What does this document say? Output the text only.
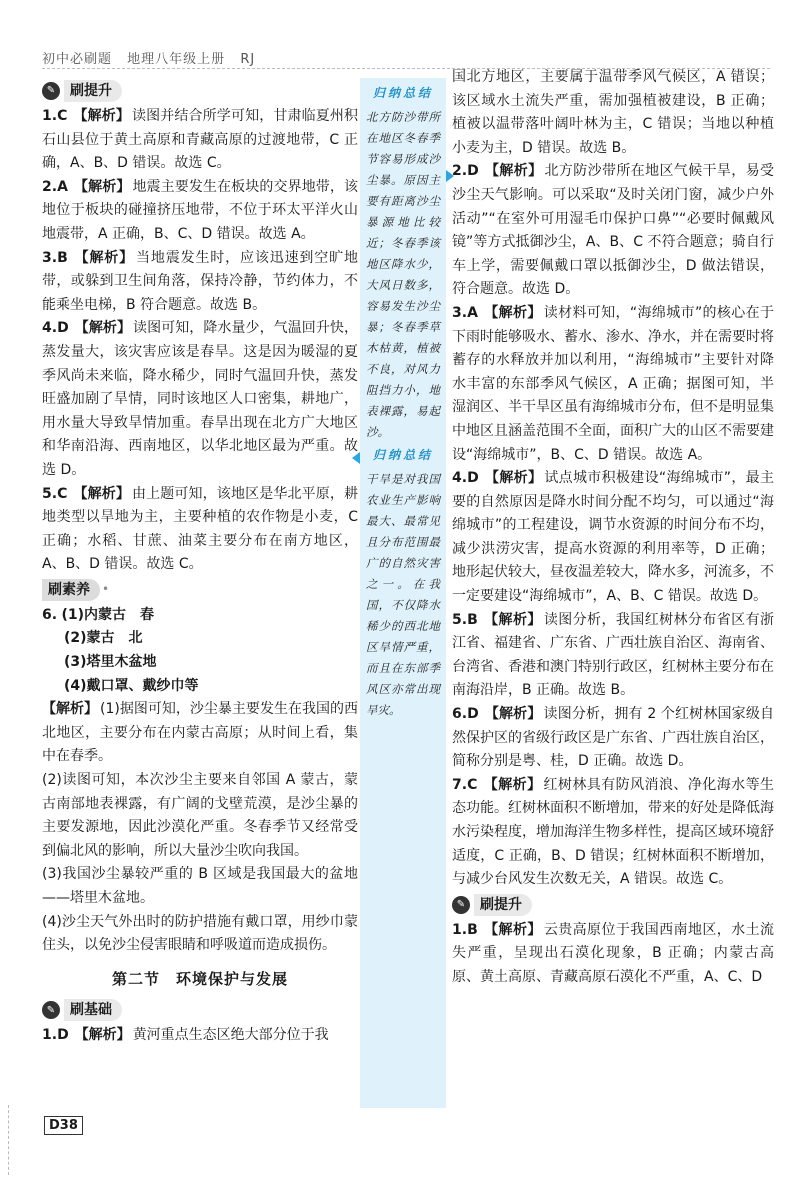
初中必刷题 地理八年级上册 RJ
✎	刷提升

1.C 【解析】 读图并结合所学可知，甘肃临夏州积石山县位于黄土高原和青藏高原的过渡地带，C 正确，A、B、D 错误。故选 C。

2.A 【解析】 地震主要发生在板块的交界地带，该地位于板块的碰撞挤压地带，不位于环太平洋火山地震带，A 正确，B、C、D 错误。故选 A。

3.B 【解析】 当地震发生时，应该迅速到空旷地带，或躲到卫生间角落，保持冷静，节约体力，不能乘坐电梯，B 符合题意。故选 B。

4.D 【解析】 读图可知，降水量少，气温回升快，蒸发量大，该灾害应该是春旱。这是因为暖湿的夏季风尚未来临，降水稀少，同时气温回升快，蒸发旺盛加剧了旱情，同时该地区人口密集，耕地广，用水量大导致旱情加重。春旱出现在北方广大地区和华南沿海、西南地区，以华北地区最为严重。故选 D。

5.C 【解析】 由上题可知，该地区是华北平原，耕地类型以旱地为主，主要种植的农作物是小麦，C 正确；水稻、甘蔗、油菜主要分布在南方地区，A、B、D 错误。故选 C。

刷素养	•

6. (1)内蒙古　春

(2)蒙古　北

(3)塔里木盆地

(4)戴口罩、戴纱巾等

【解析】 (1)据图可知，沙尘暴主要发生在我国的西北地区，主要分布在内蒙古高原；从时间上看，集中在春季。

(2)读图可知，本次沙尘主要来自邻国 A 蒙古，蒙古南部地表裸露，有广阔的戈壁荒漠，是沙尘暴的主要发源地，因此沙漠化严重。冬春季节又经常受到偏北风的影响，所以大量沙尘吹向我国。

(3)我国沙尘暴较严重的 B 区域是我国最大的盆地——塔里木盆地。

(4)沙尘天气外出时的防护措施有戴口罩，用纱巾蒙住头，以免沙尘侵害眼睛和呼吸道而造成损伤。

第二节　环境保护与发展
✎	刷基础

1.D 【解析】 黄河重点生态区绝大部分位于我

归纳总结
北方防沙带所在地区冬春季节容易形成沙尘暴。原因主要有距离沙尘暴源地比较近；冬春季该地区降水少，大风日数多，容易发生沙尘暴；冬春季草木枯黄，植被不良，对风力阻挡力小，地表裸露，易起沙。
归纳总结
干旱是对我国农业生产影响最大、最常见且分布范围最广的自然灾害之一。在我国，不仅降水稀少的西北地区旱情严重，而且在东部季风区亦常出现旱灾。

国北方地区，主要属于温带季风气候区，A 错误；该区域水土流失严重，需加强植被建设，B 正确；植被以温带落叶阔叶林为主，C 错误；当地以种植小麦为主，D 错误。故选 B。

2.D 【解析】 北方防沙带所在地区气候干旱，易受沙尘天气影响。可以采取“及时关闭门窗，减少户外活动”“在室外可用湿毛巾保护口鼻”“必要时佩戴风镜”等方式抵御沙尘，A、B、C 不符合题意；骑自行车上学，需要佩戴口罩以抵御沙尘，D 做法错误，符合题意。故选 D。

3.A 【解析】 读材料可知，“海绵城市”的核心在于下雨时能够吸水、蓄水、渗水、净水，并在需要时将蓄存的水释放并加以利用，“海绵城市”主要针对降水丰富的东部季风气候区，A 正确；据图可知，半湿润区、半干旱区虽有海绵城市分布，但不是明显集中地区且涵盖范围不全面，面积广大的山区不需要建设“海绵城市”，B、C、D 错误。故选 A。

4.D 【解析】 试点城市积极建设“海绵城市”，最主要的自然原因是降水时间分配不均匀，可以通过“海绵城市”的工程建设，调节水资源的时间分布不均，减少洪涝灾害，提高水资源的利用率等，D 正确；地形起伏较大，昼夜温差较大，降水多，河流多，不一定要建设“海绵城市”，A、B、C 错误。故选 D。

5.B 【解析】 读图分析，我国红树林分布省区有浙江省、福建省、广东省、广西壮族自治区、海南省、台湾省、香港和澳门特别行政区，红树林主要分布在南海沿岸，B 正确。故选 B。

6.D 【解析】 读图分析，拥有 2 个红树林国家级自然保护区的省级行政区是广东省、广西壮族自治区，简称分别是粤、桂，D 正确。故选 D。

7.C 【解析】 红树林具有防风消浪、净化海水等生态功能。红树林面积不断增加，带来的好处是降低海水污染程度，增加海洋生物多样性，提高区域环境舒适度，C 正确，B、D 错误；红树林面积不断增加，与减少台风发生次数无关，A 错误。故选 C。

✎	刷提升

1.B 【解析】 云贵高原位于我国西南地区，水土流失严重，呈现出石漠化现象，B 正确；内蒙古高原、黄土高原、青藏高原石漠化不严重，A、C、D

D38
